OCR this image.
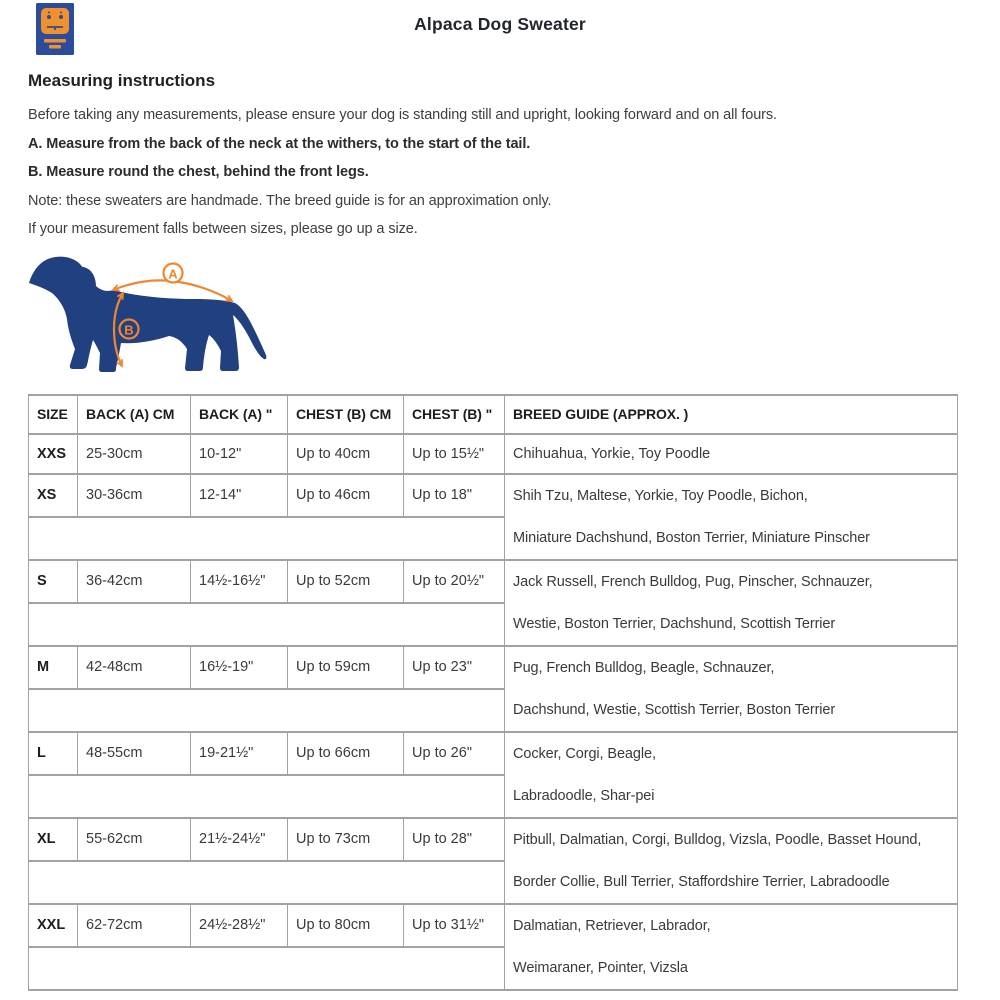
Alpaca Dog Sweater
Measuring instructions

Before taking any measurements, please ensure your dog is standing still and upright, looking forward and on all fours.

A. Measure from the back of the neck at the withers, to the start of the tail.

B. Measure round the chest, behind the front legs.

Note: these sweaters are handmade. The breed guide is for an approximation only.

If your measurement falls between sizes, please go up a size.

A
B
SIZE	BACK (A) CM	BACK (A) "	CHEST (B) CM	CHEST (B) "	BREED GUIDE (APPROX. )
XXS	25-30cm	10-12"	Up to 40cm	Up to 15½"	Chihuahua, Yorkie, Toy Poodle
XS	30-36cm	12-14"	Up to 46cm	Up to 18"	Shih Tzu, Maltese, Yorkie, Toy Poodle, Bichon,
Miniature Dachshund, Boston Terrier, Miniature Pinscher

S	36-42cm	14½-16½"	Up to 52cm	Up to 20½"	Jack Russell, French Bulldog, Pug, Pinscher, Schnauzer,
Westie, Boston Terrier, Dachshund, Scottish Terrier

M	42-48cm	16½-19"	Up to 59cm	Up to 23"	Pug, French Bulldog, Beagle, Schnauzer,
Dachshund, Westie, Scottish Terrier, Boston Terrier

L	48-55cm	19-21½"	Up to 66cm	Up to 26"	Cocker, Corgi, Beagle,
Labradoodle, Shar-pei

XL	55-62cm	21½-24½"	Up to 73cm	Up to 28"	Pitbull, Dalmatian, Corgi, Bulldog, Vizsla, Poodle, Basset Hound,
Border Collie, Bull Terrier, Staffordshire Terrier, Labradoodle

XXL	62-72cm	24½-28½"	Up to 80cm	Up to 31½"	Dalmatian, Retriever, Labrador,
Weimaraner, Pointer, Vizsla
